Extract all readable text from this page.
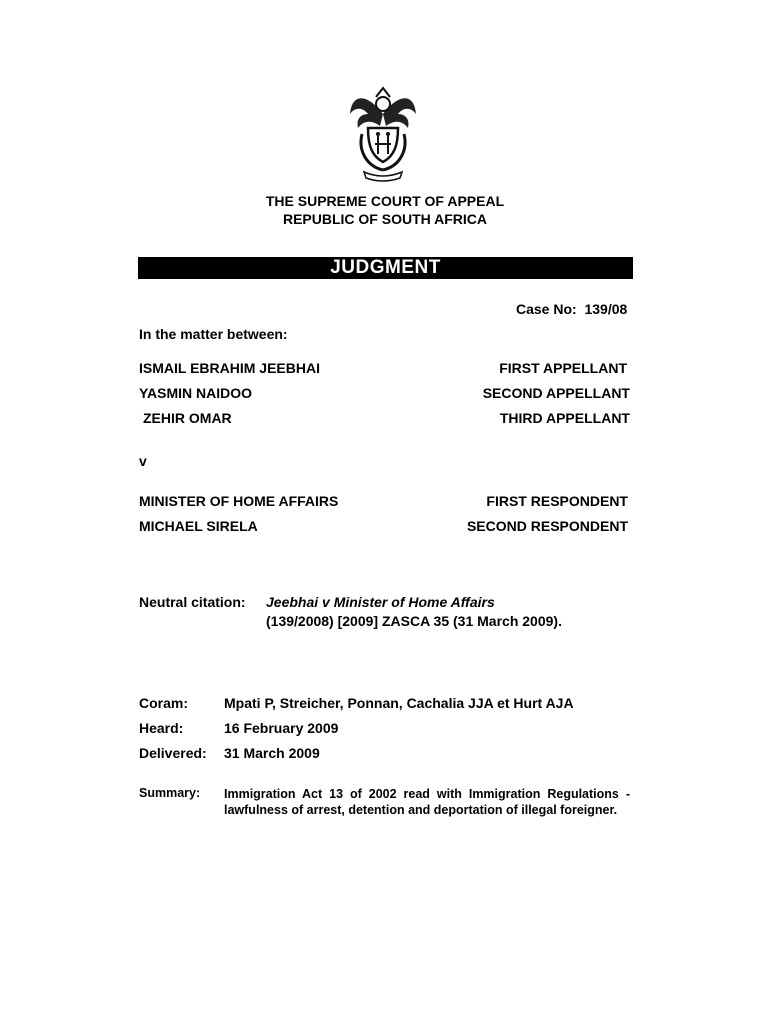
THE SUPREME COURT OF APPEAL
REPUBLIC OF SOUTH AFRICA
JUDGMENT
Case No: 139/08
In the matter between:
ISMAIL EBRAHIM JEEBHAI	FIRST APPELLANT
YASMIN NAIDOO	SECOND APPELLANT
ZEHIR OMAR	THIRD APPELLANT
v
MINISTER OF HOME AFFAIRS	FIRST RESPONDENT
MICHAEL SIRELA	SECOND RESPONDENT
Neutral citation: Jeebhai v Minister of Home Affairs
(139/2008) [2009] ZASCA 35 (31 March 2009).
Coram:	Mpati P, Streicher, Ponnan, Cachalia JJA et Hurt AJA
Heard:	16 February 2009
Delivered: 31 March 2009
Summary: Immigration Act 13 of 2002 read with Immigration Regulations - lawfulness of arrest, detention and deportation of illegal foreigner.
